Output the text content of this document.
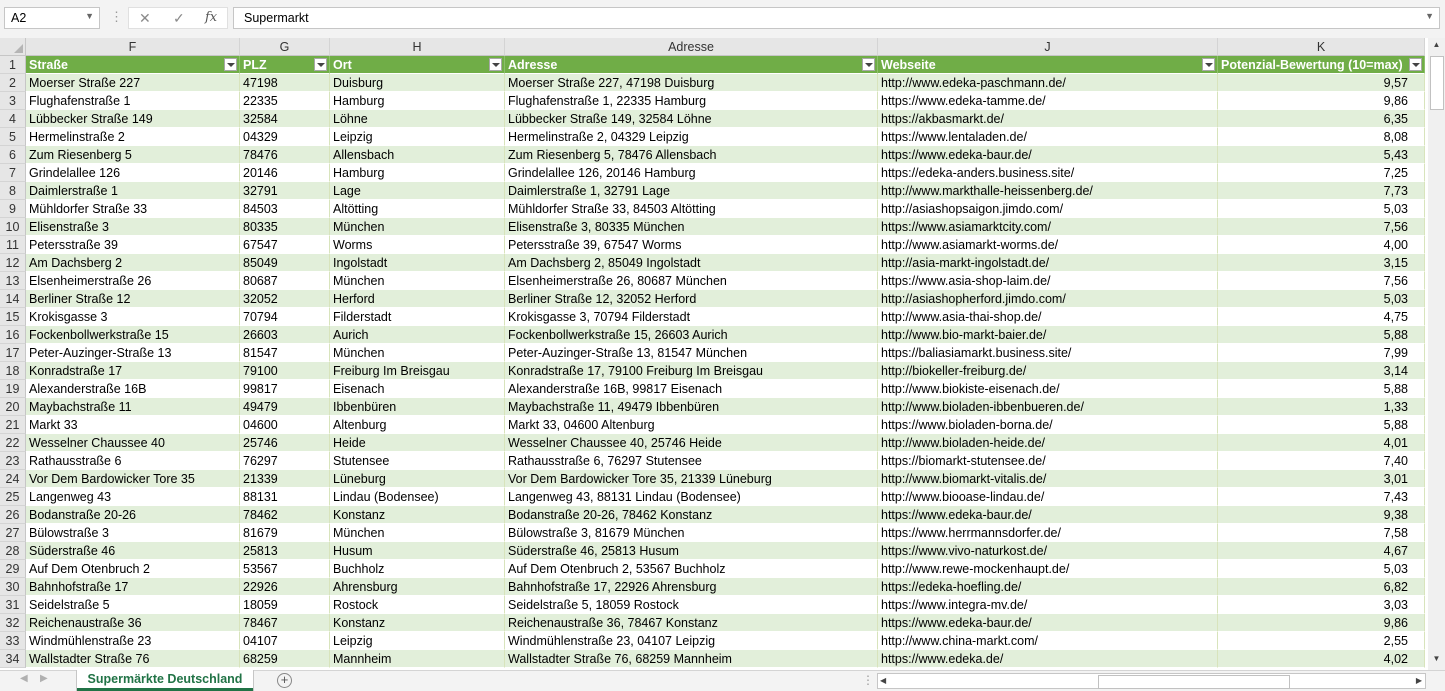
A2	▼ ⋮ ✕ ✓ fx Supermarkt	▼
F	G	H	Adresse	J	K
1	Straße	PLZ	Ort	Adresse	Webseite	Potenzial-Bewertung (10=max)
2	Moerser Straße 227	47198	Duisburg	Moerser Straße 227, 47198 Duisburg	http://www.edeka-paschmann.de/	9,57
3	Flughafenstraße 1	22335	Hamburg	Flughafenstraße 1, 22335 Hamburg	https://www.edeka-tamme.de/	9,86
4	Lübbecker Straße 149	32584	Löhne	Lübbecker Straße 149, 32584 Löhne	https://akbasmarkt.de/	6,35
5	Hermelinstraße 2	04329	Leipzig	Hermelinstraße 2, 04329 Leipzig	https://www.lentaladen.de/	8,08
6	Zum Riesenberg 5	78476	Allensbach	Zum Riesenberg 5, 78476 Allensbach	https://www.edeka-baur.de/	5,43
7	Grindelallee 126	20146	Hamburg	Grindelallee 126, 20146 Hamburg	https://edeka-anders.business.site/	7,25
8	Daimlerstraße 1	32791	Lage	Daimlerstraße 1, 32791 Lage	http://www.markthalle-heissenberg.de/	7,73
9	Mühldorfer Straße 33	84503	Altötting	Mühldorfer Straße 33, 84503 Altötting	http://asiashopsaigon.jimdo.com/	5,03
10 Elisenstraße 3	80335	München	Elisenstraße 3, 80335 München	https://www.asiamarktcity.com/	7,56
11 Petersstraße 39	67547	Worms	Petersstraße 39, 67547 Worms	http://www.asiamarkt-worms.de/	4,00
12 Am Dachsberg 2	85049	Ingolstadt	Am Dachsberg 2, 85049 Ingolstadt	http://asia-markt-ingolstadt.de/	3,15
13 Elsenheimerstraße 26	80687	München	Elsenheimerstraße 26, 80687 München	https://www.asia-shop-laim.de/	7,56
14 Berliner Straße 12	32052	Herford	Berliner Straße 12, 32052 Herford	http://asiashopherford.jimdo.com/	5,03
15 Krokisgasse 3	70794	Filderstadt	Krokisgasse 3, 70794 Filderstadt	http://www.asia-thai-shop.de/	4,75
16 Fockenbollwerkstraße 15	26603	Aurich	Fockenbollwerkstraße 15, 26603 Aurich	http://www.bio-markt-baier.de/	5,88
17 Peter-Auzinger-Straße 13	81547	München	Peter-Auzinger-Straße 13, 81547 München	https://baliasiamarkt.business.site/	7,99
18 Konradstraße 17	79100	Freiburg Im Breisgau	Konradstraße 17, 79100 Freiburg Im Breisgau	http://biokeller-freiburg.de/	3,14
19 Alexanderstraße 16B	99817	Eisenach	Alexanderstraße 16B, 99817 Eisenach	http://www.biokiste-eisenach.de/	5,88
20 Maybachstraße 11	49479	Ibbenbüren	Maybachstraße 11, 49479 Ibbenbüren	http://www.bioladen-ibbenbueren.de/	1,33
21 Markt 33	04600	Altenburg	Markt 33, 04600 Altenburg	https://www.bioladen-borna.de/	5,88
22 Wesselner Chaussee 40	25746	Heide	Wesselner Chaussee 40, 25746 Heide	http://www.bioladen-heide.de/	4,01
23 Rathausstraße 6	76297	Stutensee	Rathausstraße 6, 76297 Stutensee	https://biomarkt-stutensee.de/	7,40
24 Vor Dem Bardowicker Tore 35	21339	Lüneburg	Vor Dem Bardowicker Tore 35, 21339 Lüneburg	http://www.biomarkt-vitalis.de/	3,01
25 Langenweg 43	88131	Lindau (Bodensee)	Langenweg 43, 88131 Lindau (Bodensee)	http://www.biooase-lindau.de/	7,43
26 Bodanstraße 20-26	78462	Konstanz	Bodanstraße 20-26, 78462 Konstanz	https://www.edeka-baur.de/	9,38
27 Bülowstraße 3	81679	München	Bülowstraße 3, 81679 München	https://www.herrmannsdorfer.de/	7,58
28 Süderstraße 46	25813	Husum	Süderstraße 46, 25813 Husum	https://www.vivo-naturkost.de/	4,67
29 Auf Dem Otenbruch 2	53567	Buchholz	Auf Dem Otenbruch 2, 53567 Buchholz	http://www.rewe-mockenhaupt.de/	5,03
30 Bahnhofstraße 17	22926	Ahrensburg	Bahnhofstraße 17, 22926 Ahrensburg	https://edeka-hoefling.de/	6,82
31 Seidelstraße 5	18059	Rostock	Seidelstraße 5, 18059 Rostock	https://www.integra-mv.de/	3,03
32 Reichenaustraße 36	78467	Konstanz	Reichenaustraße 36, 78467 Konstanz	https://www.edeka-baur.de/	9,86
33 Windmühlenstraße 23	04107	Leipzig	Windmühlenstraße 23, 04107 Leipzig	http://www.china-markt.com/	2,55
34 Wallstadter Straße 76	68259	Mannheim	Wallstadter Straße 76, 68259 Mannheim	https://www.edeka.de/	4,02
▲
▼
◀ ▶	Supermärkte Deutschland	+	⋮ ◀	▶
